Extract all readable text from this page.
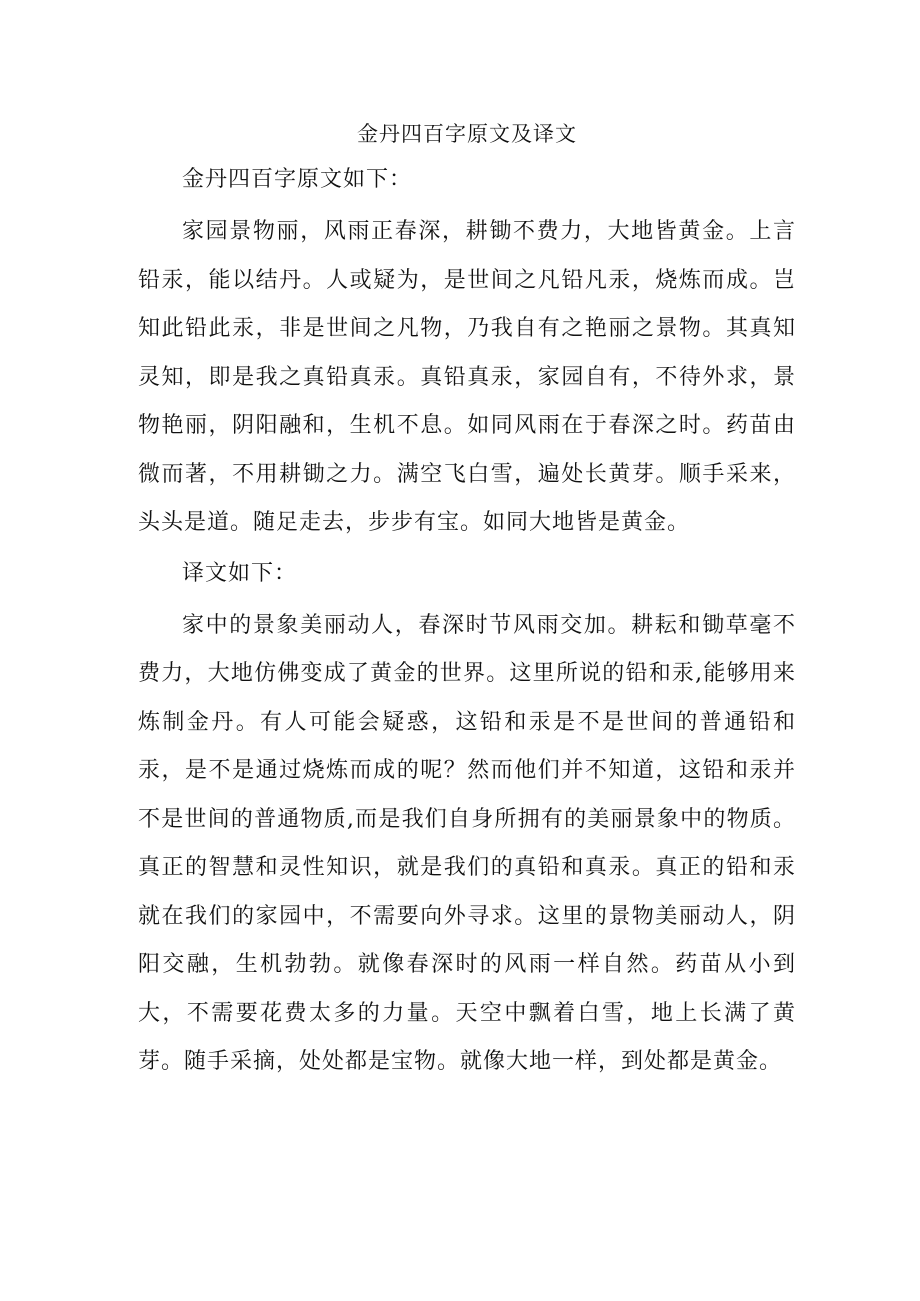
金丹四百字原文及译文
金丹四百字原文如下：

家园景物丽，风雨正春深，耕锄不费力，大地皆黄金。上言铅汞，能以结丹。人或疑为，是世间之凡铅凡汞，烧炼而成。岂知此铅此汞，非是世间之凡物，乃我自有之艳丽之景物。其真知灵知，即是我之真铅真汞。真铅真汞，家园自有，不待外求，景物艳丽，阴阳融和，生机不息。如同风雨在于春深之时。药苗由微而著，不用耕锄之力。满空飞白雪，遍处长黄芽。顺手采来，头头是道。随足走去，步步有宝。如同大地皆是黄金。

译文如下：

家中的景象美丽动人，春深时节风雨交加。耕耘和锄草毫不费力，大地仿佛变成了黄金的世界。这里所说的铅和汞,能够用来炼制金丹。有人可能会疑惑，这铅和汞是不是世间的普通铅和汞，是不是通过烧炼而成的呢？然而他们并不知道，这铅和汞并不是世间的普通物质,而是我们自身所拥有的美丽景象中的物质。真正的智慧和灵性知识，就是我们的真铅和真汞。真正的铅和汞就在我们的家园中，不需要向外寻求。这里的景物美丽动人，阴阳交融，生机勃勃。就像春深时的风雨一样自然。药苗从小到大，不需要花费太多的力量。天空中飘着白雪，地上长满了黄芽。随手采摘，处处都是宝物。就像大地一样，到处都是黄金。
